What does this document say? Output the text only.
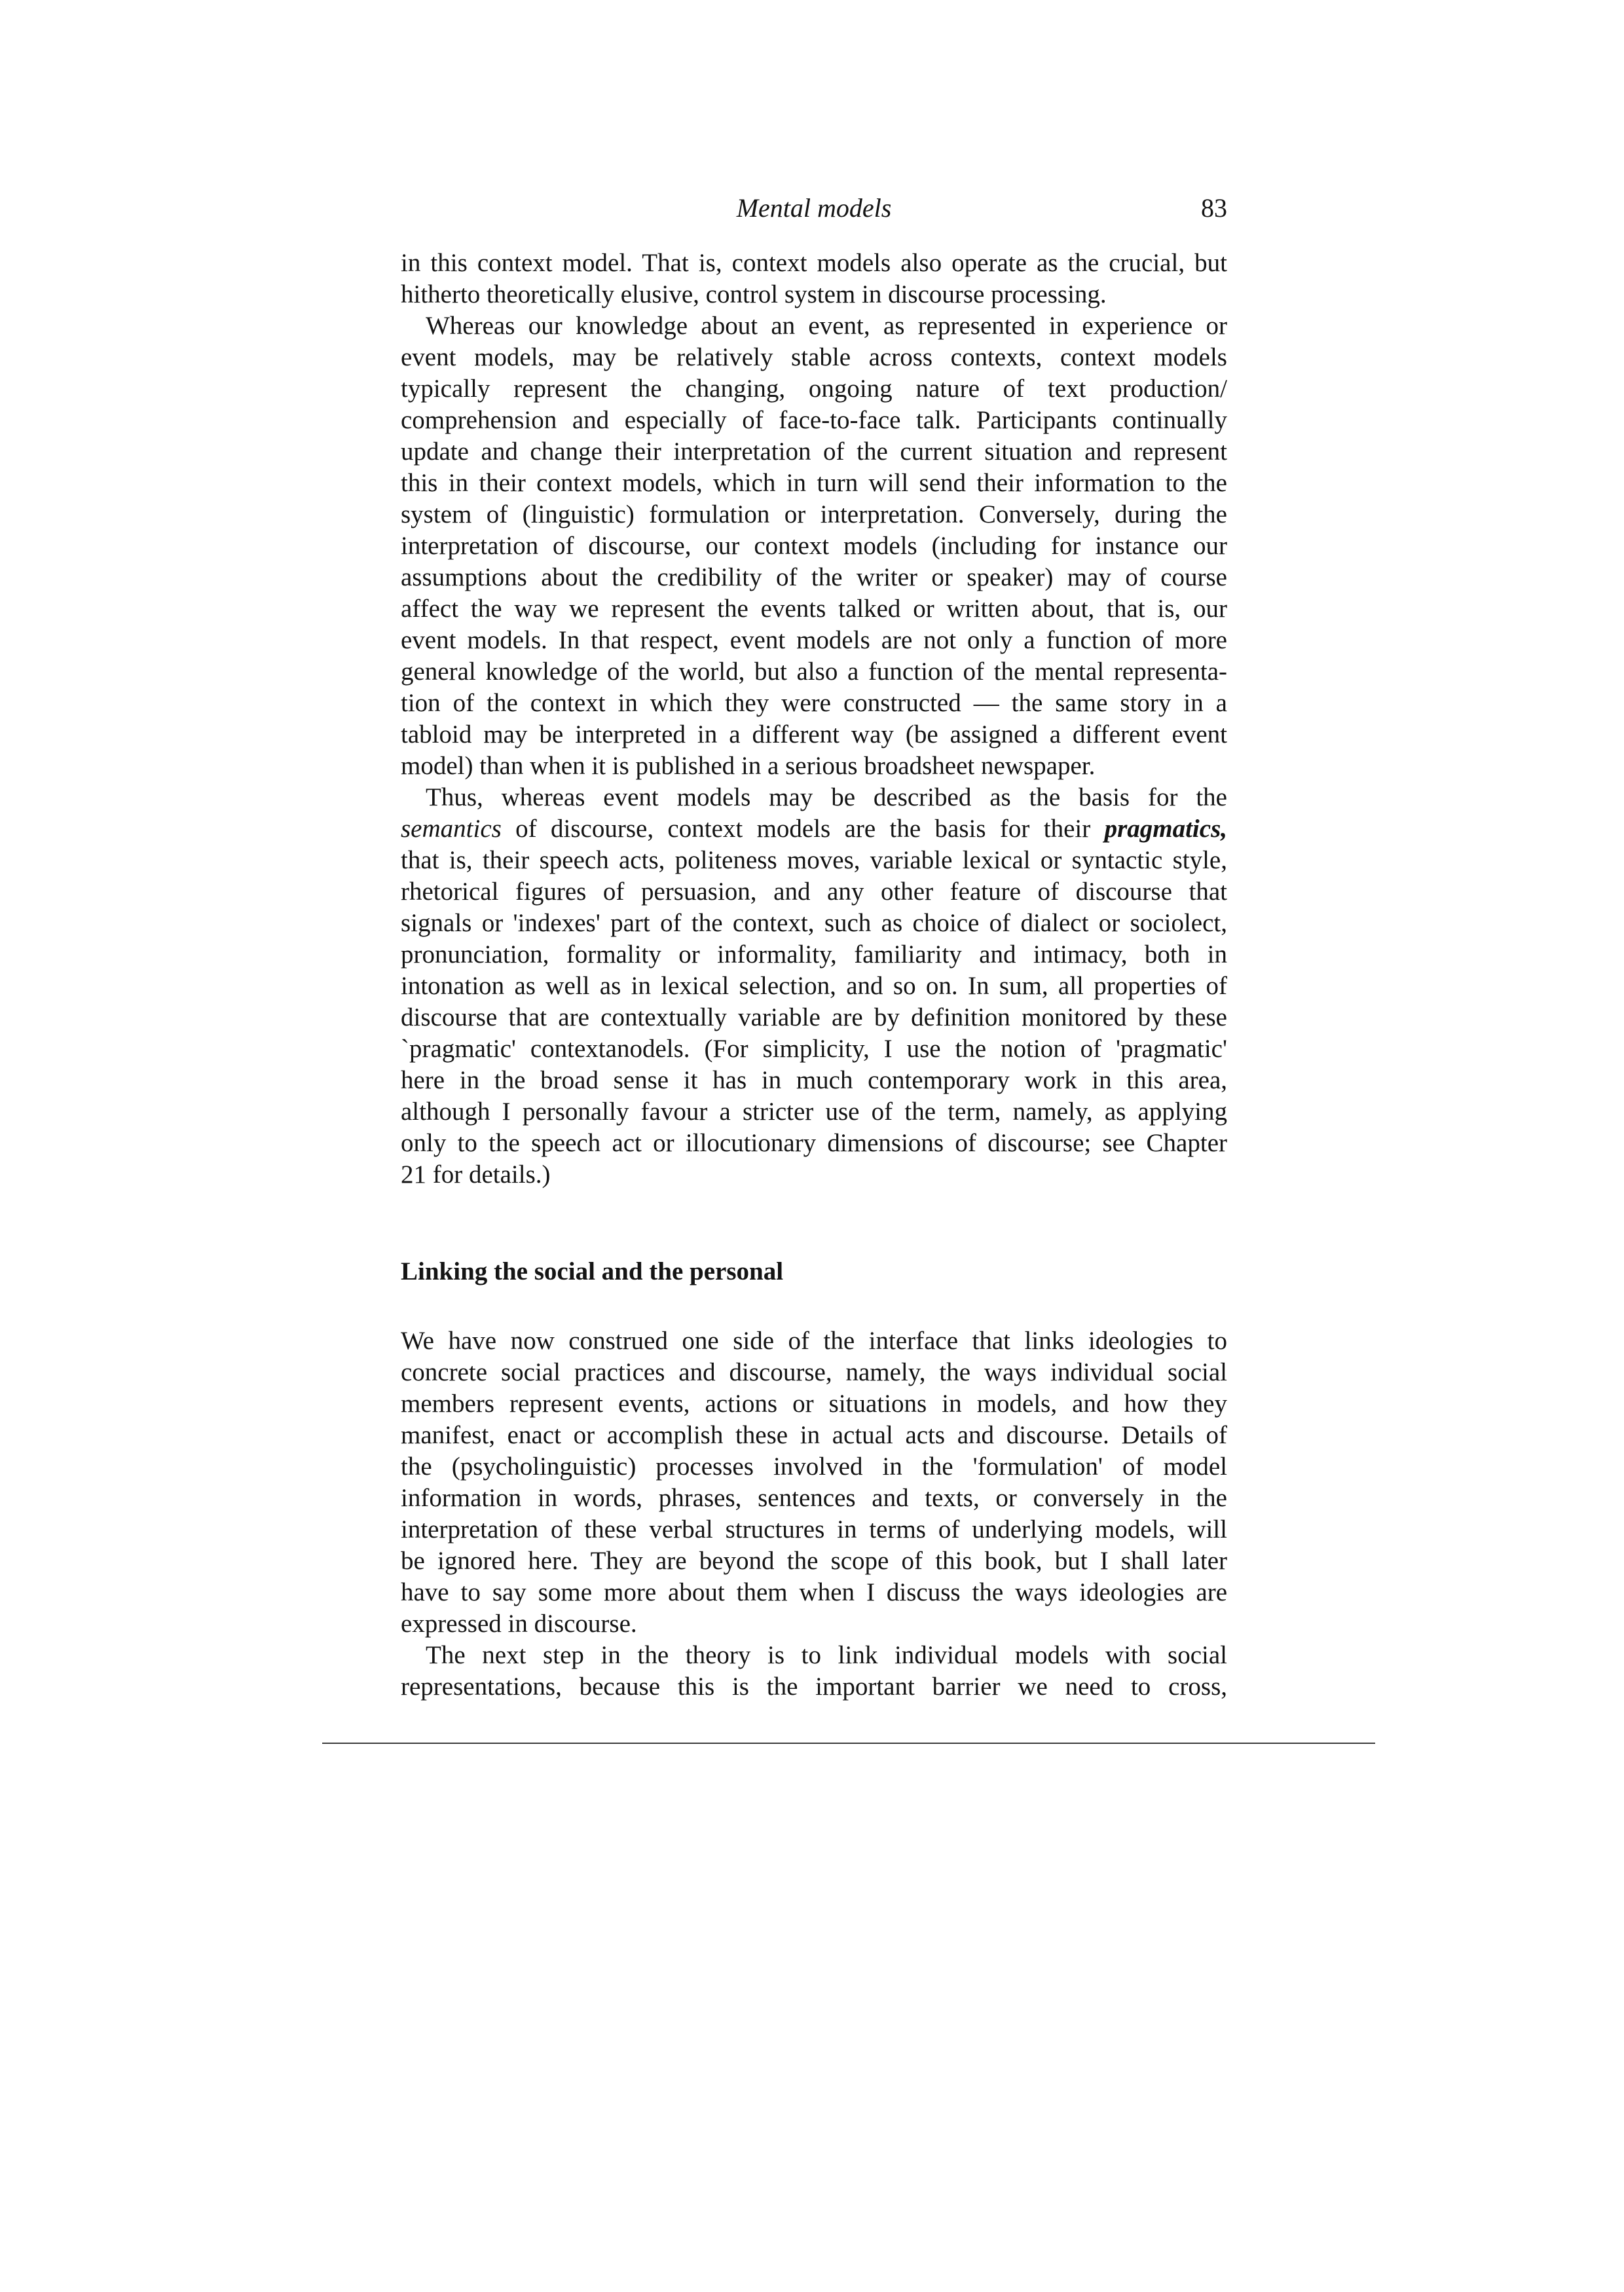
Mental models	83
in this context model. That is, context models also operate as the crucial, but
hitherto theoretically elusive, control system in discourse processing.
Whereas our knowledge about an event, as represented in experience or
event models, may be relatively stable across contexts, context models
typically represent the changing, ongoing nature of text production/
comprehension and especially of face-to-face talk. Participants continually
update and change their interpretation of the current situation and represent
this in their context models, which in turn will send their information to the
system of (linguistic) formulation or interpretation. Conversely, during the
interpretation of discourse, our context models (including for instance our
assumptions about the credibility of the writer or speaker) may of course
affect the way we represent the events talked or written about, that is, our
event models. In that respect, event models are not only a function of more
general knowledge of the world, but also a function of the mental representa-
tion of the context in which they were constructed — the same story in a
tabloid may be interpreted in a different way (be assigned a different event
model) than when it is published in a serious broadsheet newspaper.
Thus, whereas event models may be described as the basis for the
semantics of discourse, context models are the basis for their pragmatics,
that is, their speech acts, politeness moves, variable lexical or syntactic style,
rhetorical figures of persuasion, and any other feature of discourse that
signals or 'indexes' part of the context, such as choice of dialect or sociolect,
pronunciation, formality or informality, familiarity and intimacy, both in
intonation as well as in lexical selection, and so on. In sum, all properties of
discourse that are contextually variable are by definition monitored by these
`pragmatic' contextanodels. (For simplicity, I use the notion of 'pragmatic'
here in the broad sense it has in much contemporary work in this area,
although I personally favour a stricter use of the term, namely, as applying
only to the speech act or illocutionary dimensions of discourse; see Chapter
21 for details.)
Linking the social and the personal
We have now construed one side of the interface that links ideologies to
concrete social practices and discourse, namely, the ways individual social
members represent events, actions or situations in models, and how they
manifest, enact or accomplish these in actual acts and discourse. Details of
the (psycholinguistic) processes involved in the 'formulation' of model
information in words, phrases, sentences and texts, or conversely in the
interpretation of these verbal structures in terms of underlying models, will
be ignored here. They are beyond the scope of this book, but I shall later
have to say some more about them when I discuss the ways ideologies are
expressed in discourse.
The next step in the theory is to link individual models with social
representations, because this is the important barrier we need to cross,
